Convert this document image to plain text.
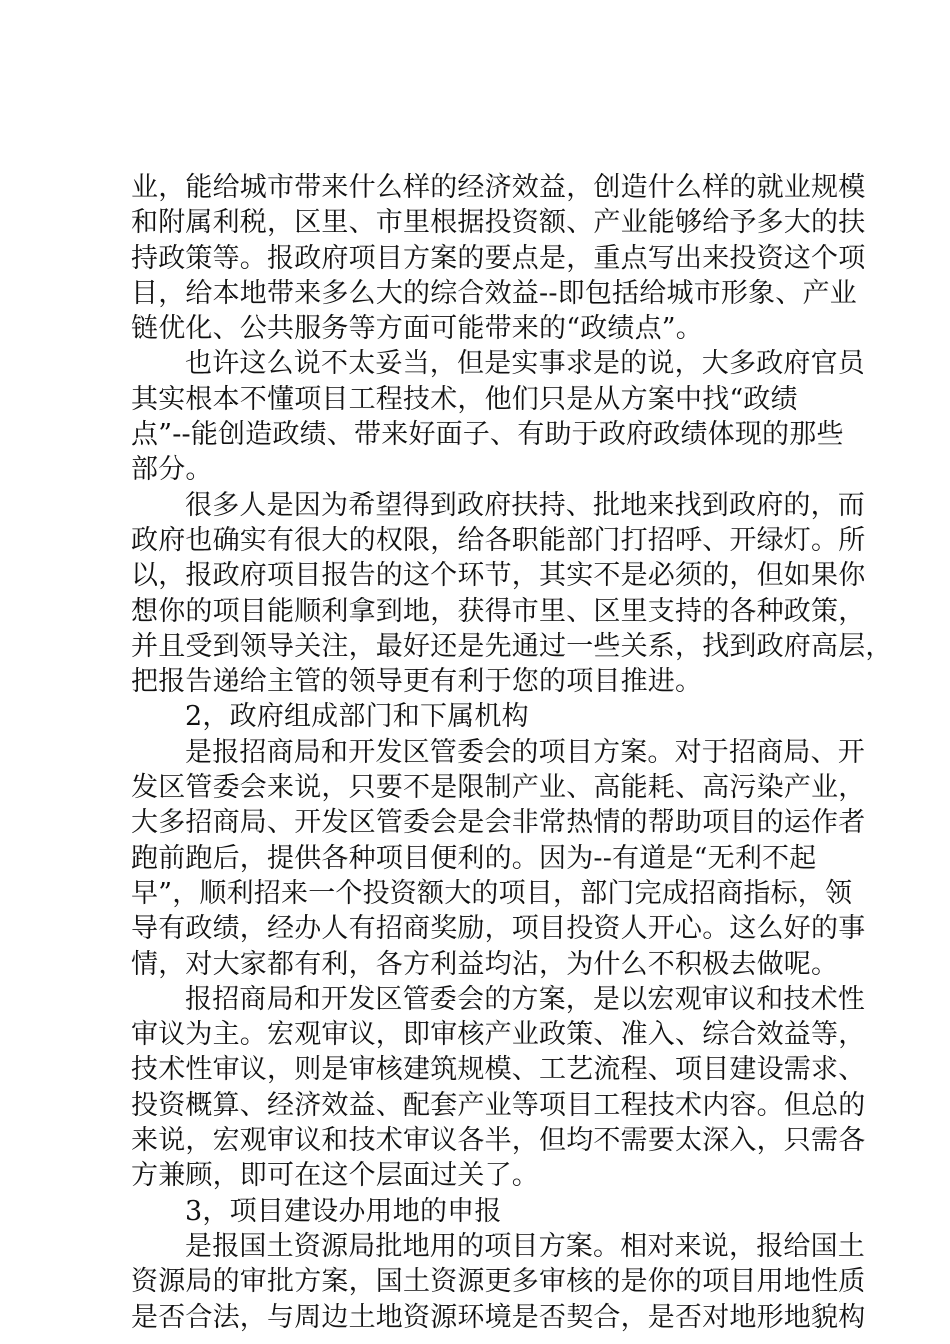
业，能给城市带来什么样的经济效益，创造什么样的就业规模
和附属利税，区里、市里根据投资额、产业能够给予多大的扶
持政策等。报政府项目方案的要点是，重点写出来投资这个项
目，给本地带来多么大的综合效益--即包括给城市形象、产业
链优化、公共服务等方面可能带来的“政绩点”。
也许这么说不太妥当，但是实事求是的说，大多政府官员
其实根本不懂项目工程技术，他们只是从方案中找“政绩
点”--能创造政绩、带来好面子、有助于政府政绩体现的那些
部分。
很多人是因为希望得到政府扶持、批地来找到政府的，而
政府也确实有很大的权限，给各职能部门打招呼、开绿灯。所
以，报政府项目报告的这个环节，其实不是必须的，但如果你
想你的项目能顺利拿到地，获得市里、区里支持的各种政策，
并且受到领导关注，最好还是先通过一些关系，找到政府高层，
把报告递给主管的领导更有利于您的项目推进。
2，政府组成部门和下属机构
是报招商局和开发区管委会的项目方案。对于招商局、开
发区管委会来说，只要不是限制产业、高能耗、高污染产业，
大多招商局、开发区管委会是会非常热情的帮助项目的运作者
跑前跑后，提供各种项目便利的。因为--有道是“无利不起
早”，顺利招来一个投资额大的项目，部门完成招商指标，领
导有政绩，经办人有招商奖励，项目投资人开心。这么好的事
情，对大家都有利，各方利益均沾，为什么不积极去做呢。
报招商局和开发区管委会的方案，是以宏观审议和技术性
审议为主。宏观审议，即审核产业政策、准入、综合效益等，
技术性审议，则是审核建筑规模、工艺流程、项目建设需求、
投资概算、经济效益、配套产业等项目工程技术内容。但总的
来说，宏观审议和技术审议各半，但均不需要太深入，只需各
方兼顾，即可在这个层面过关了。
3，项目建设办用地的申报
是报国土资源局批地用的项目方案。相对来说，报给国土
资源局的审批方案，国土资源更多审核的是你的项目用地性质
是否合法，与周边土地资源环境是否契合，是否对地形地貌构
